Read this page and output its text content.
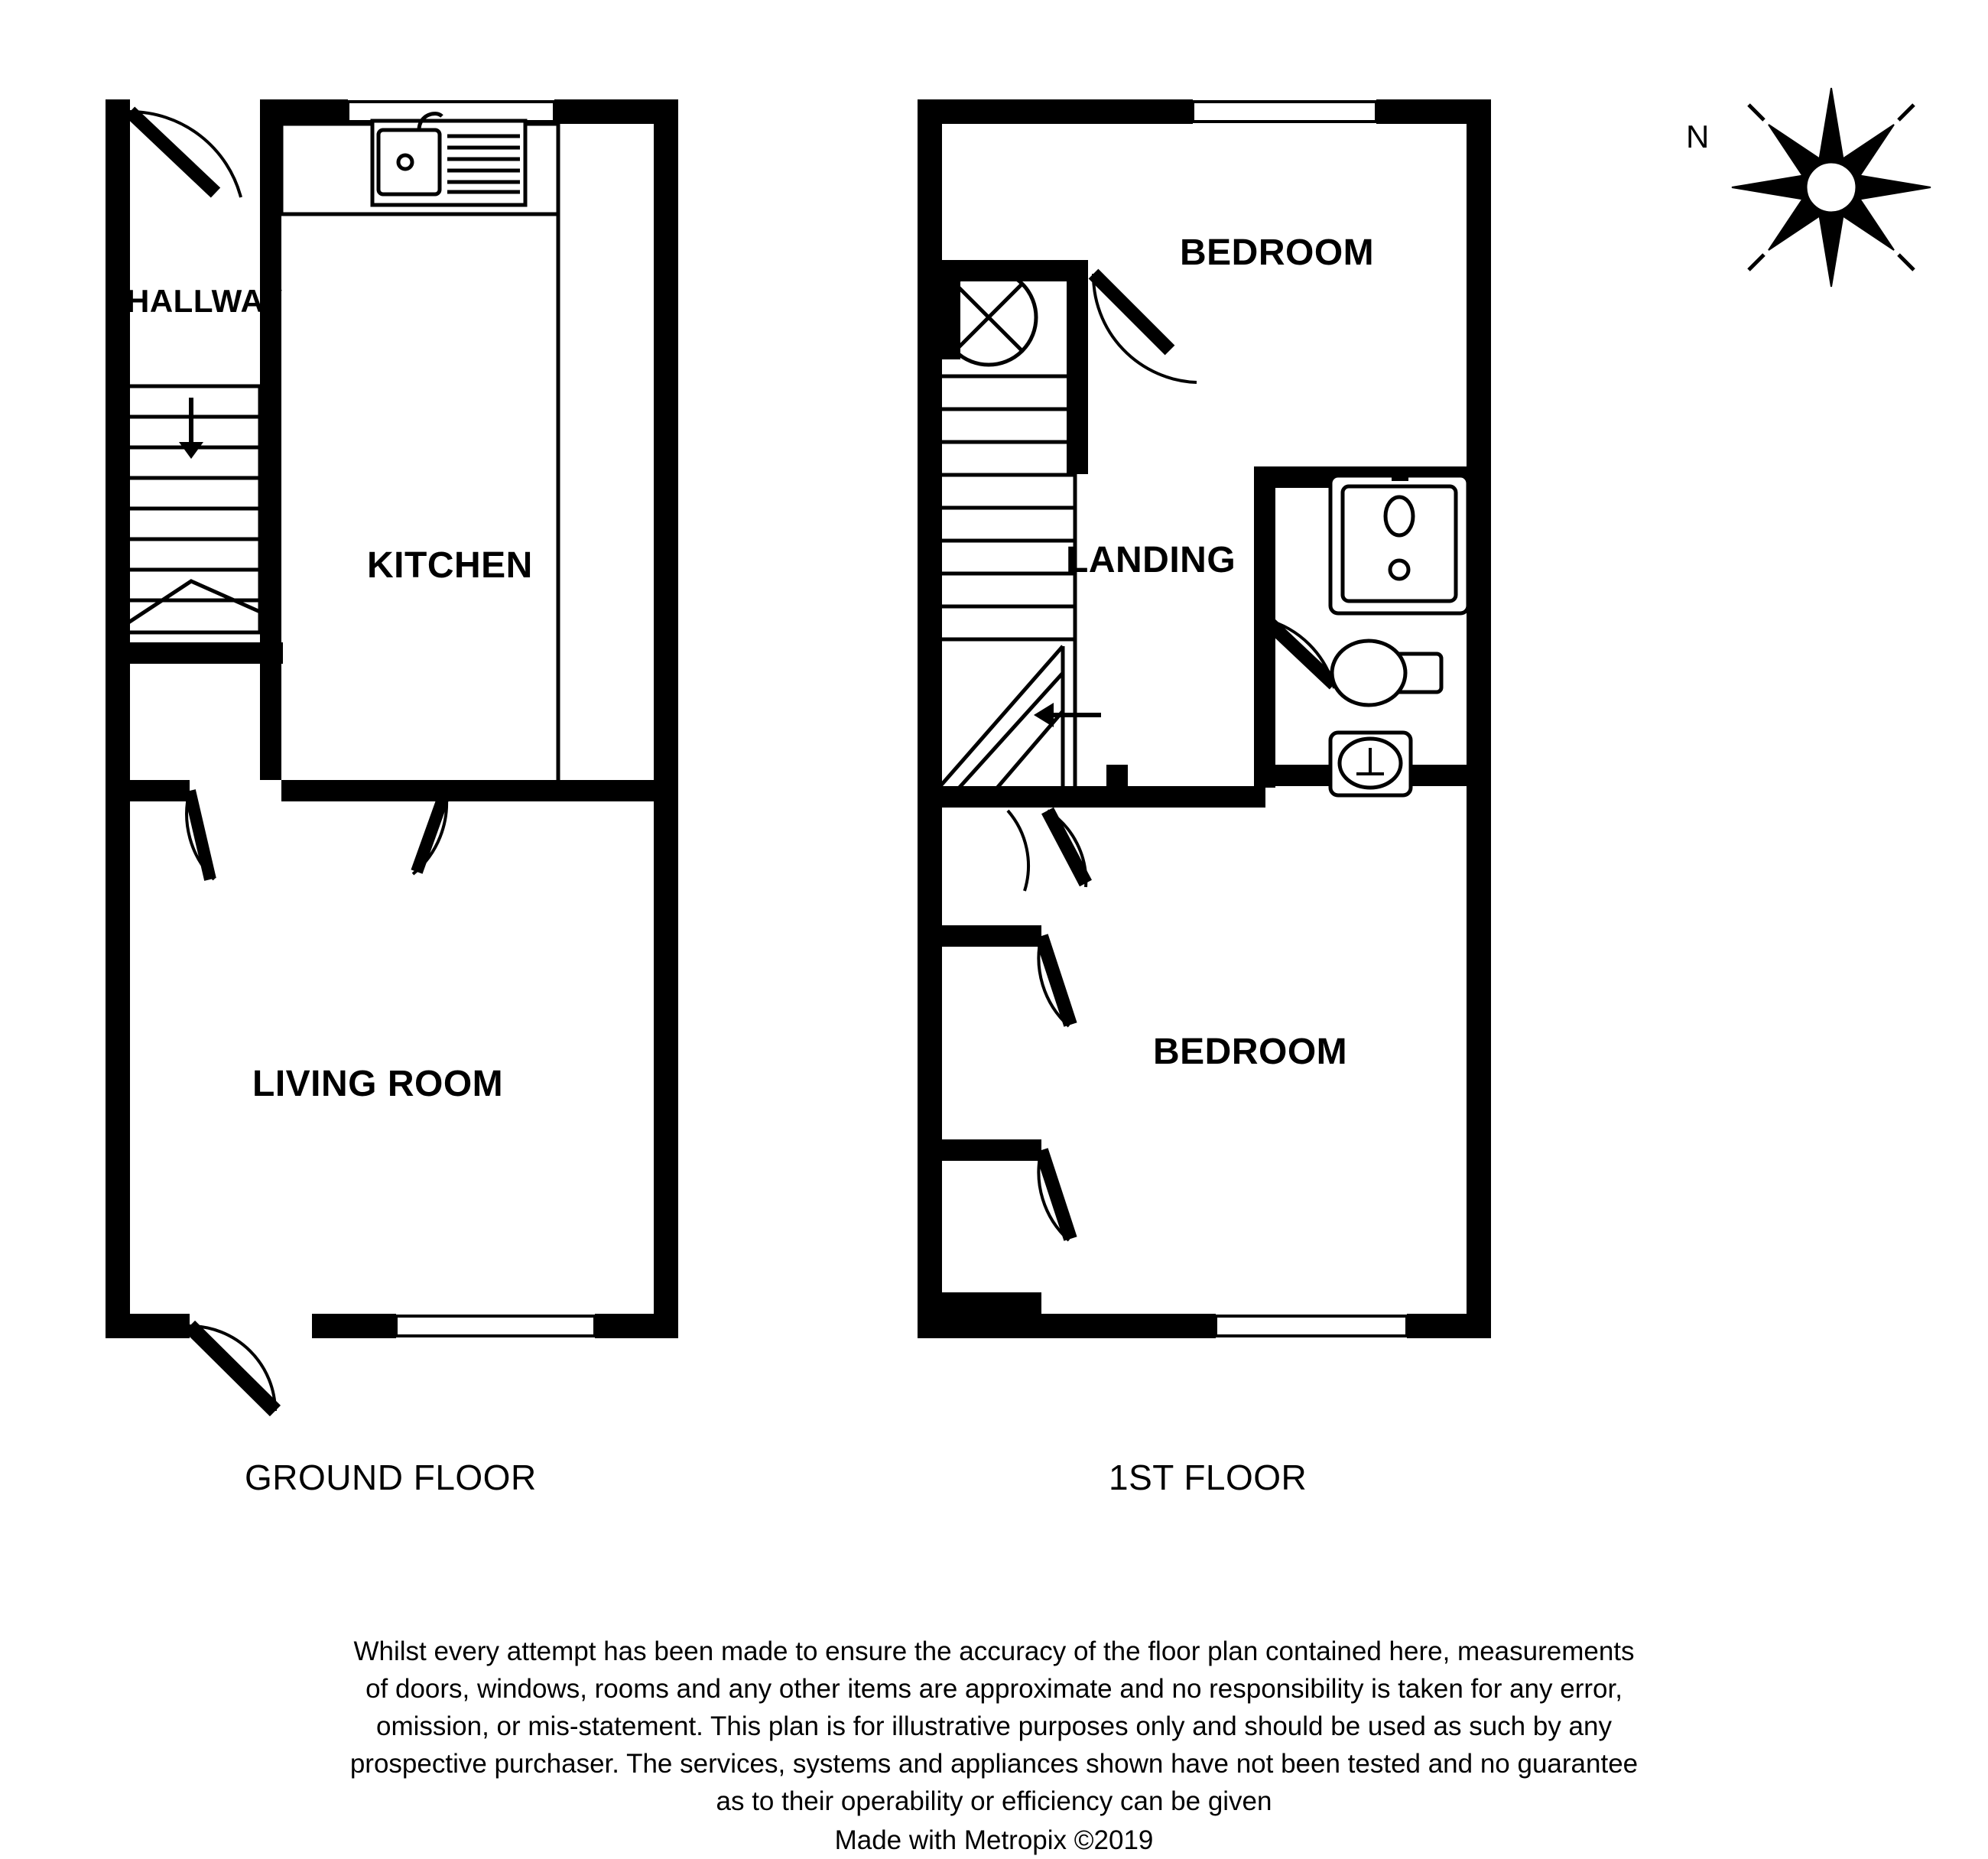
HALLWAY
KITCHEN
LIVING ROOM
BEDROOM
LANDING
BEDROOM
N
GROUND FLOOR	1ST FLOOR
Whilst every attempt has been made to ensure the accuracy of the floor plan contained here, measurements
of doors, windows, rooms and any other items are approximate and no responsibility is taken for any error,
omission, or mis-statement. This plan is for illustrative purposes only and should be used as such by any
prospective purchaser. The services, systems and appliances shown have not been tested and no guarantee
as to their operability or efficiency can be given
Made with Metropix ©2019
